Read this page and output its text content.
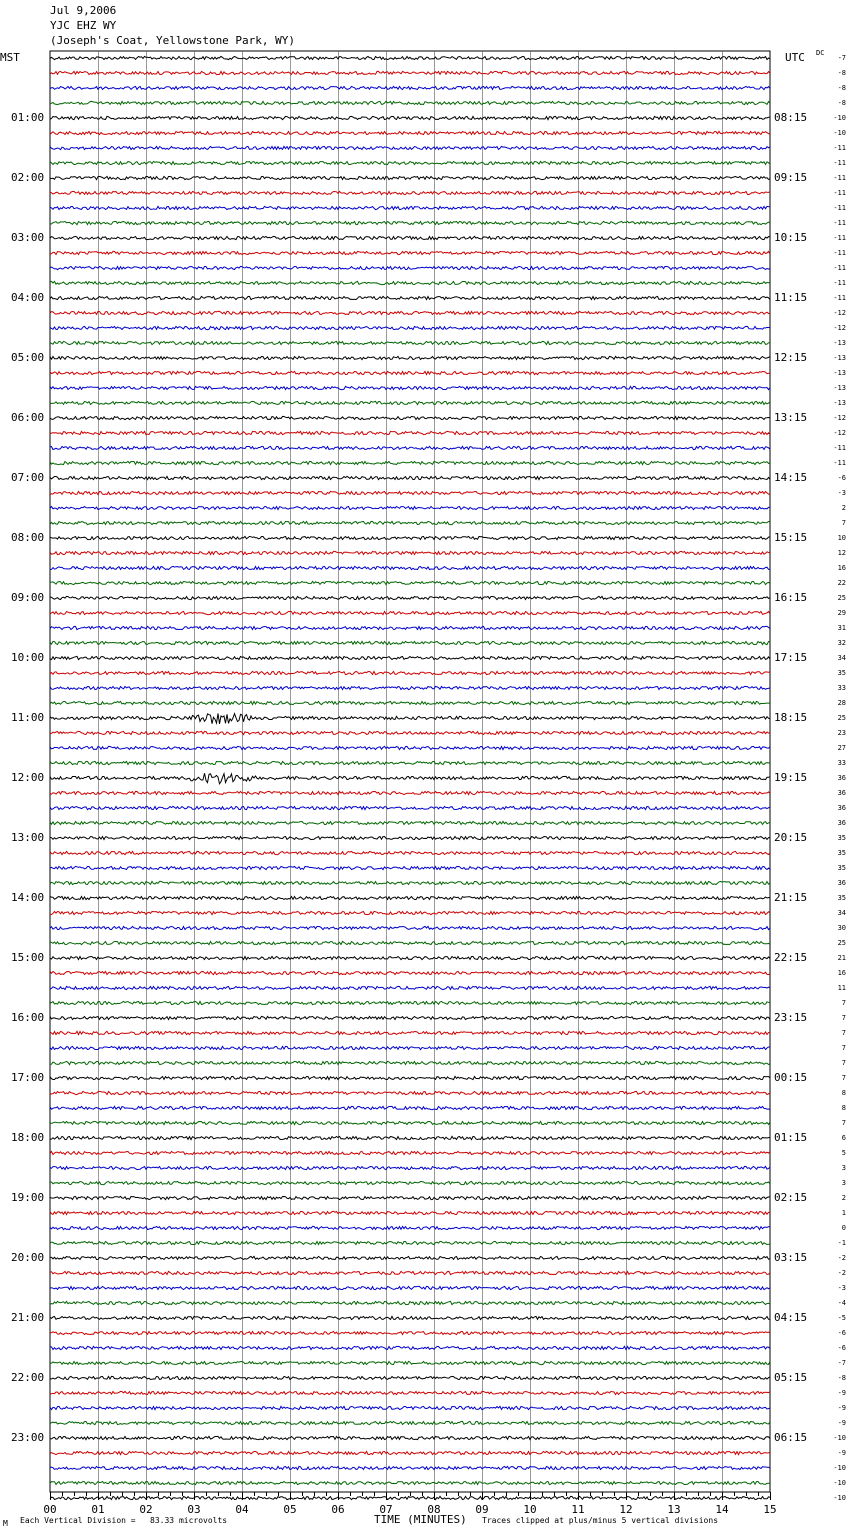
Jul 9,2006
YJC EHZ WY
(Joseph's Coat, Yellowstone Park, WY)
MST	UTC DC
01:00
02:00
03:00
04:00
05:00
06:00
07:00
08:00
09:00
10:00
11:00
12:00
13:00
14:00
15:00
16:00
17:00
18:00
19:00
20:00
21:00
22:00
23:00
08:15
09:15
10:15
11:15
12:15
13:15
14:15
15:15
16:15
17:15
18:15
19:15
20:15
21:15
22:15
23:15
00:15
01:15
02:15
03:15
04:15
05:15
06:15
-7
-8
-8
-8
-10
-10
-11
-11
-11
-11
-11
-11
-11
-11
-11
-11
-11
-12
-12
-13
-13
-13
-13
-13
-12
-12
-11
-11
-6
-3
2
7
10
12
16
22
25
29
31
32
34
35
33
28
25
23
27
33
36
36
36
36
35
35
35
36
35
34
30
25
21
16
11
7
7
7
7
7
7
8
8
7
6
5
3
3
2
1
0
-1
-2
-2
-3
-4
-5
-6
-6
-7
-8
-9
-9
-9
-10
-9
-10
-10
-10
00	01	02	03	04	05	06	07	08	09	10	11	12	13	14	15
M Each Vertical Division =   83.33 microvolts	TIME (MINUTES) Traces clipped at plus/minus 5 vertical divisions
